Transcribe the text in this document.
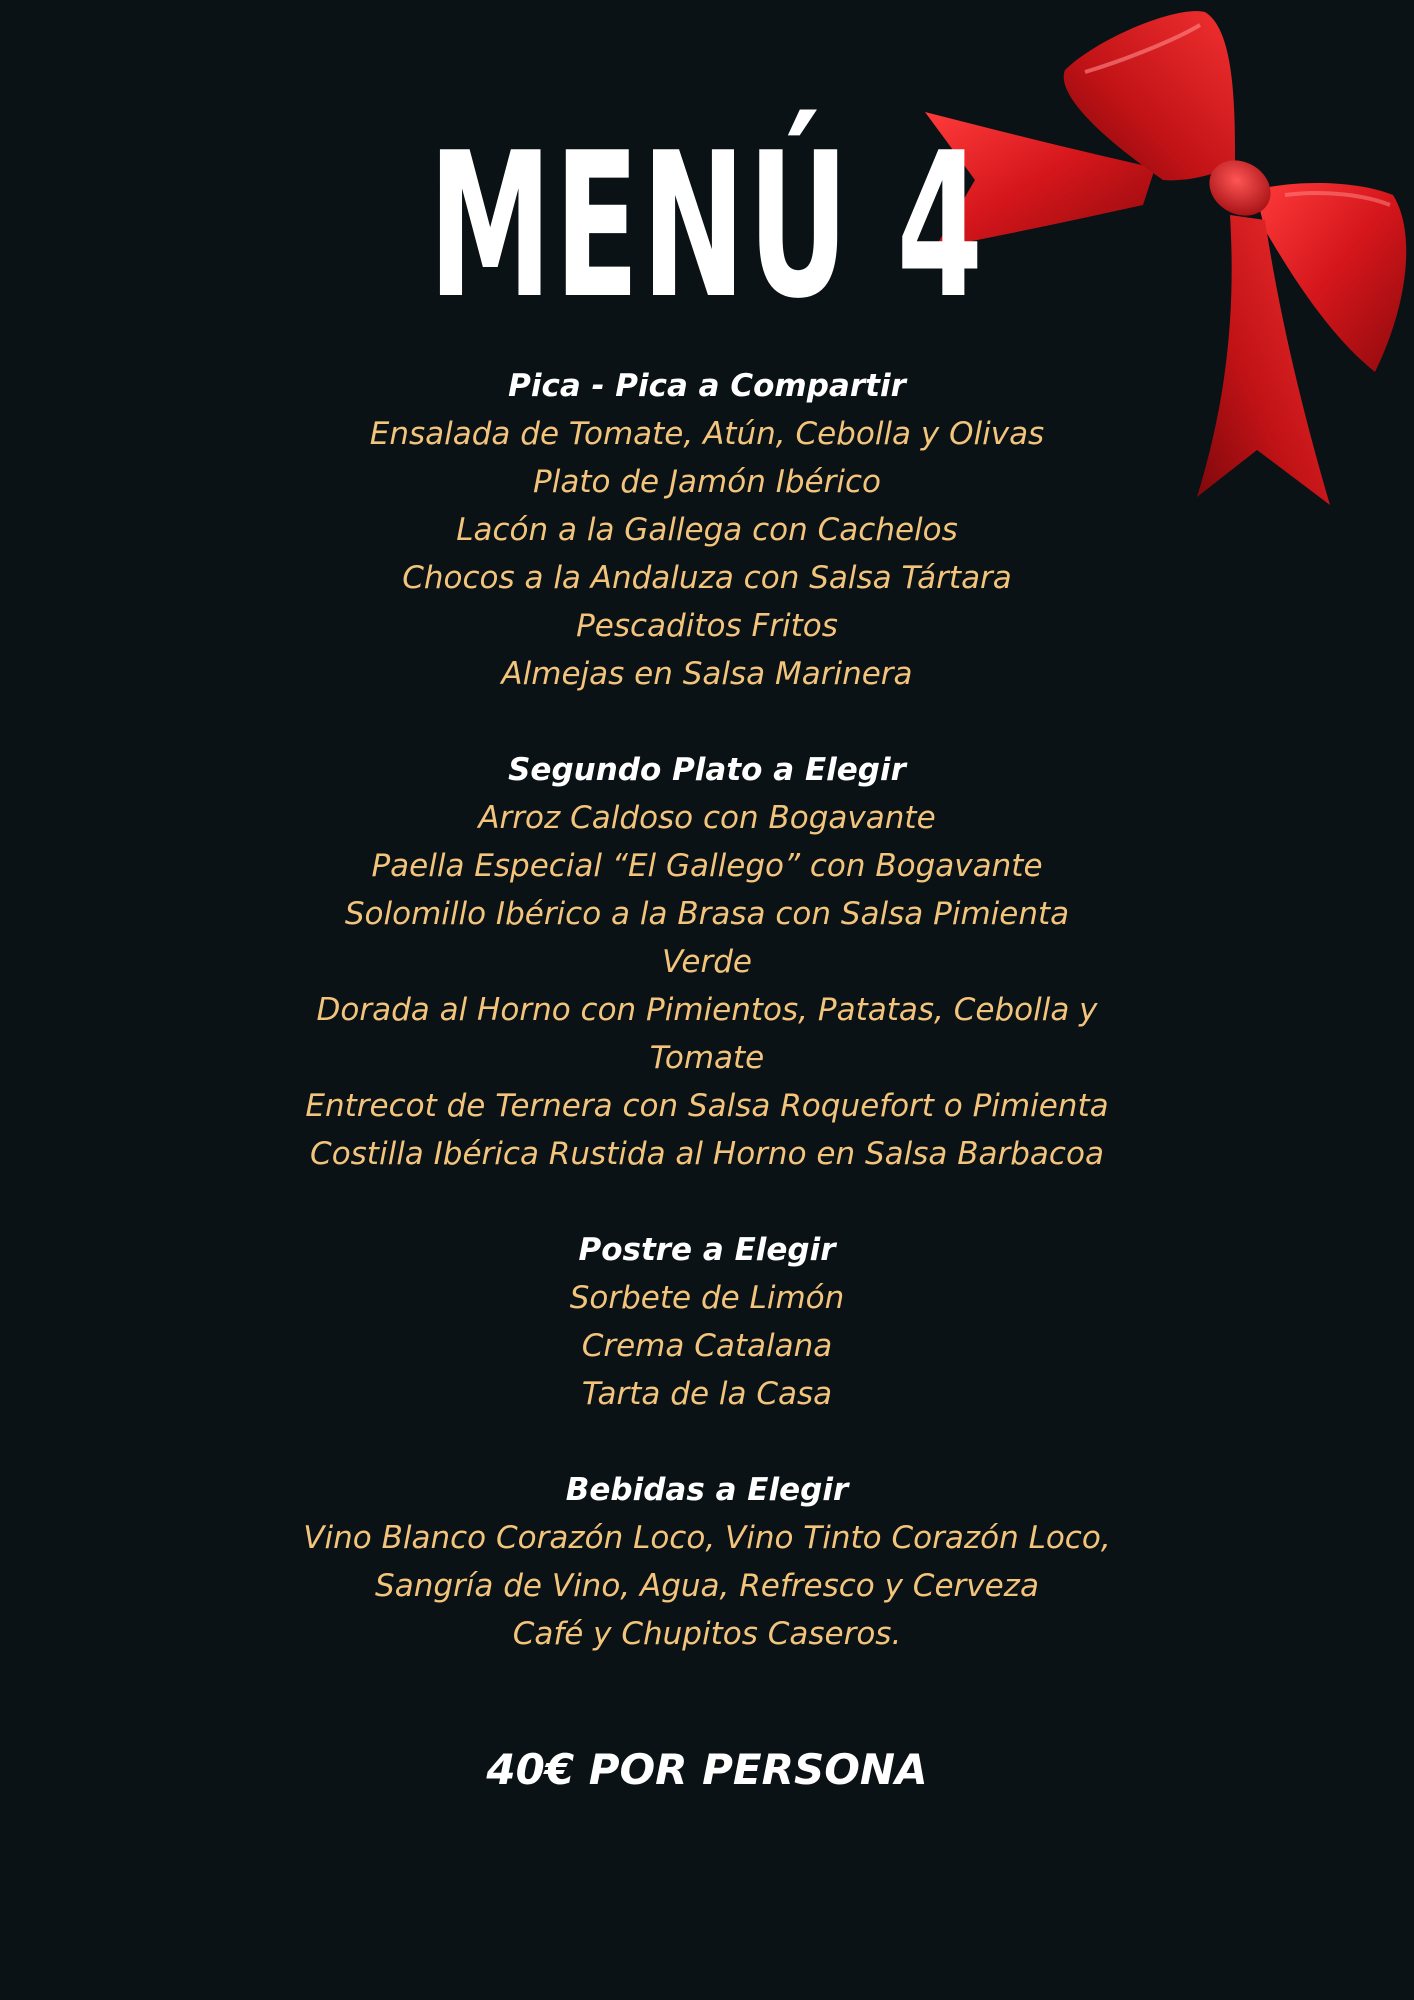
MENÚ 4

Pica - Pica a Compartir

Ensalada de Tomate, Atún, Cebolla y Olivas

Plato de Jamón Ibérico

Lacón a la Gallega con Cachelos

Chocos a la Andaluza con Salsa Tártara

Pescaditos Fritos

Almejas en Salsa Marinera

Segundo Plato a Elegir

Arroz Caldoso con Bogavante

Paella Especial “El Gallego” con Bogavante

Solomillo Ibérico a la Brasa con Salsa Pimienta Verde

Dorada al Horno con Pimientos, Patatas, Cebolla y Tomate

Entrecot de Ternera con Salsa Roquefort o Pimienta

Costilla Ibérica Rustida al Horno en Salsa Barbacoa

Postre a Elegir

Sorbete de Limón

Crema Catalana

Tarta de la Casa

Bebidas a Elegir

Vino Blanco Corazón Loco, Vino Tinto Corazón Loco,

Sangría de Vino, Agua, Refresco y Cerveza

Café y Chupitos Caseros.

40€ POR PERSONA
